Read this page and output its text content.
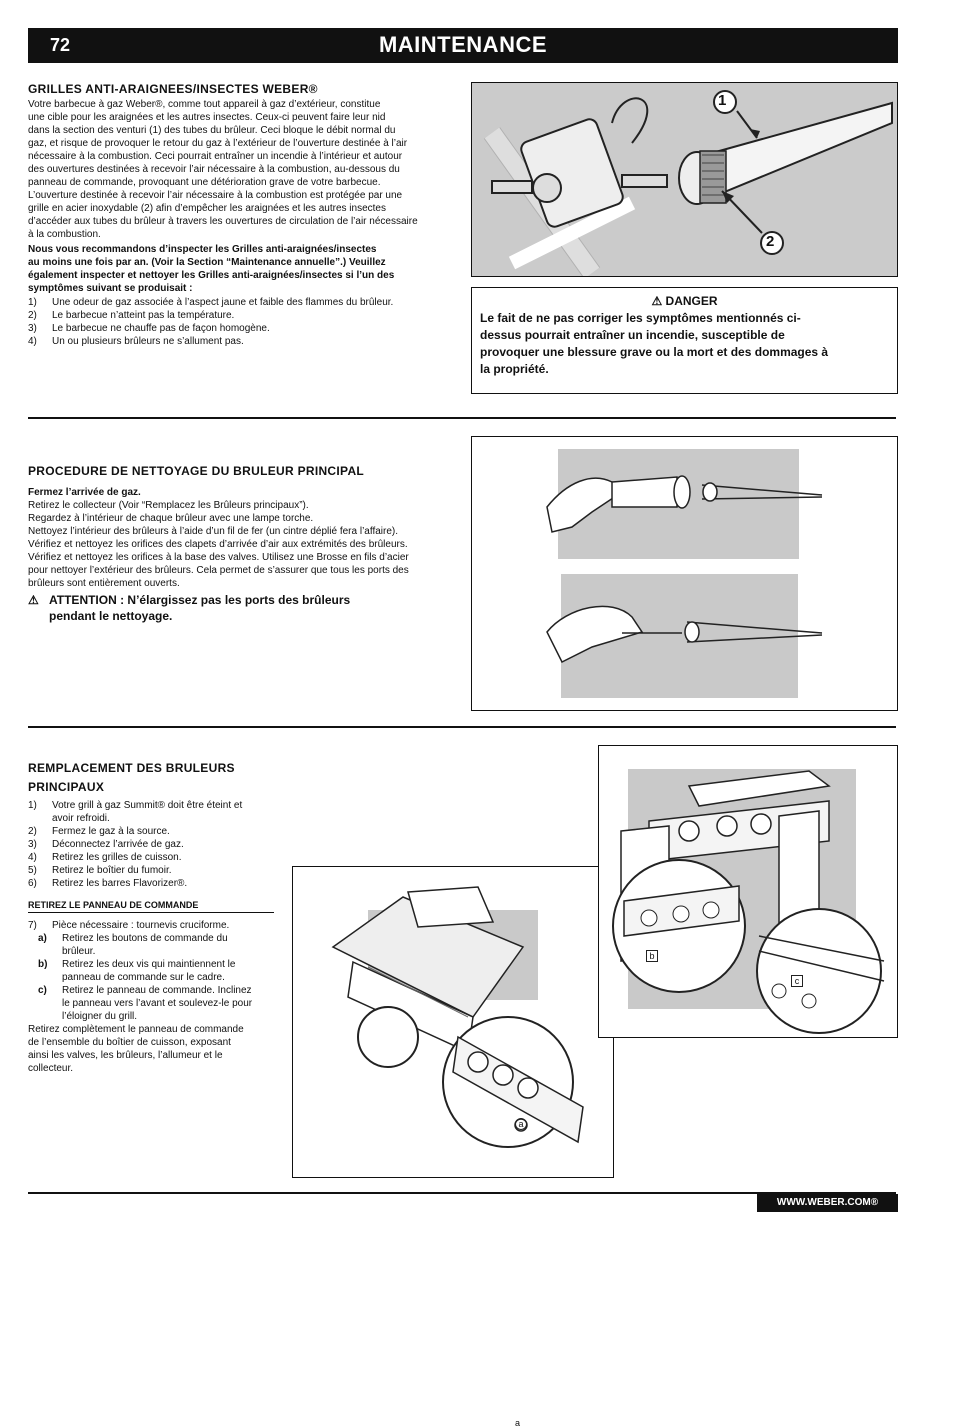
72	MAINTENANCE
GRILLES ANTI-ARAIGNEES/INSECTES WEBER®
Votre barbecue à gaz Weber®, comme tout appareil à gaz d’extérieur, constitue
une cible pour les araignées et les autres insectes. Ceux-ci peuvent faire leur nid
dans la section des venturi (1) des tubes du brûleur. Ceci bloque le débit normal du
gaz, et risque de provoquer le retour du gaz à l’extérieur de l’ouverture destinée à l’air
nécessaire à la combustion. Ceci pourrait entraîner un incendie à l’intérieur et autour
des ouvertures destinées à recevoir l’air nécessaire à la combustion, au-dessous du
panneau de commande, provoquant une détérioration grave de votre barbecue.
L’ouverture destinée à recevoir l’air nécessaire à la combustion est protégée par une
grille en acier inoxydable (2) afin d’empêcher les araignées et les autres insectes
d’accéder aux tubes du brûleur à travers les ouvertures de circulation de l’air nécessaire
à la combustion.
Nous vous recommandons d’inspecter les Grilles anti-araignées/insectes
au moins une fois par an. (Voir la Section “Maintenance annuelle”.) Veuillez
également inspecter et nettoyer les Grilles anti-araignées/insectes si l’un des
symptômes suivant se produisait :
1) Une odeur de gaz associée à l’aspect jaune et faible des flammes du brûleur.
2) Le barbecue n’atteint pas la température.
3) Le barbecue ne chauffe pas de façon homogène.
4) Un ou plusieurs brûleurs ne s’allument pas.
1
2
⚠ DANGER
Le fait de ne pas corriger les symptômes mentionnés ci-
dessus pourrait entraîner un incendie, susceptible de
provoquer une blessure grave ou la mort et des dommages à
la propriété.
PROCEDURE DE NETTOYAGE DU BRULEUR PRINCIPAL
Fermez l’arrivée de gaz.
Retirez le collecteur (Voir “Remplacez les Brûleurs principaux”).
Regardez à l’intérieur de chaque brûleur avec une lampe torche.
Nettoyez l’intérieur des brûleurs à l’aide d’un fil de fer (un cintre déplié fera l’affaire).
Vérifiez et nettoyez les orifices des clapets d’arrivée d’air aux extrémités des brûleurs.
Vérifiez et nettoyez les orifices à la base des valves. Utilisez une Brosse en fils d’acier
pour nettoyer l’extérieur des brûleurs. Cela permet de s’assurer que tous les ports des
brûleurs sont entièrement ouverts.
⚠ ATTENTION : N’élargissez pas les ports des brûleurs
pendant le nettoyage.
REMPLACEMENT DES BRULEURS
PRINCIPAUX
1) Votre grill à gaz Summit® doit être éteint et
avoir refroidi.
2) Fermez le gaz à la source.
3) Déconnectez l’arrivée de gaz.
4) Retirez les grilles de cuisson.
5) Retirez le boîtier du fumoir.
6) Retirez les barres Flavorizer®.
RETIREZ LE PANNEAU DE COMMANDE
7) Pièce nécessaire : tournevis cruciforme.
a) Retirez les boutons de commande du
brûleur.
b) Retirez les deux vis qui maintiennent le
panneau de commande sur le cadre.
c) Retirez le panneau de commande. Inclinez
le panneau vers l’avant et soulevez-le pour
l’éloigner du grill.
Retirez complètement le panneau de commande
de l’ensemble du boîtier de cuisson, exposant
ainsi les valves, les brûleurs, l’allumeur et le
collecteur.
a
a
b
c
WWW.WEBER.COM®
